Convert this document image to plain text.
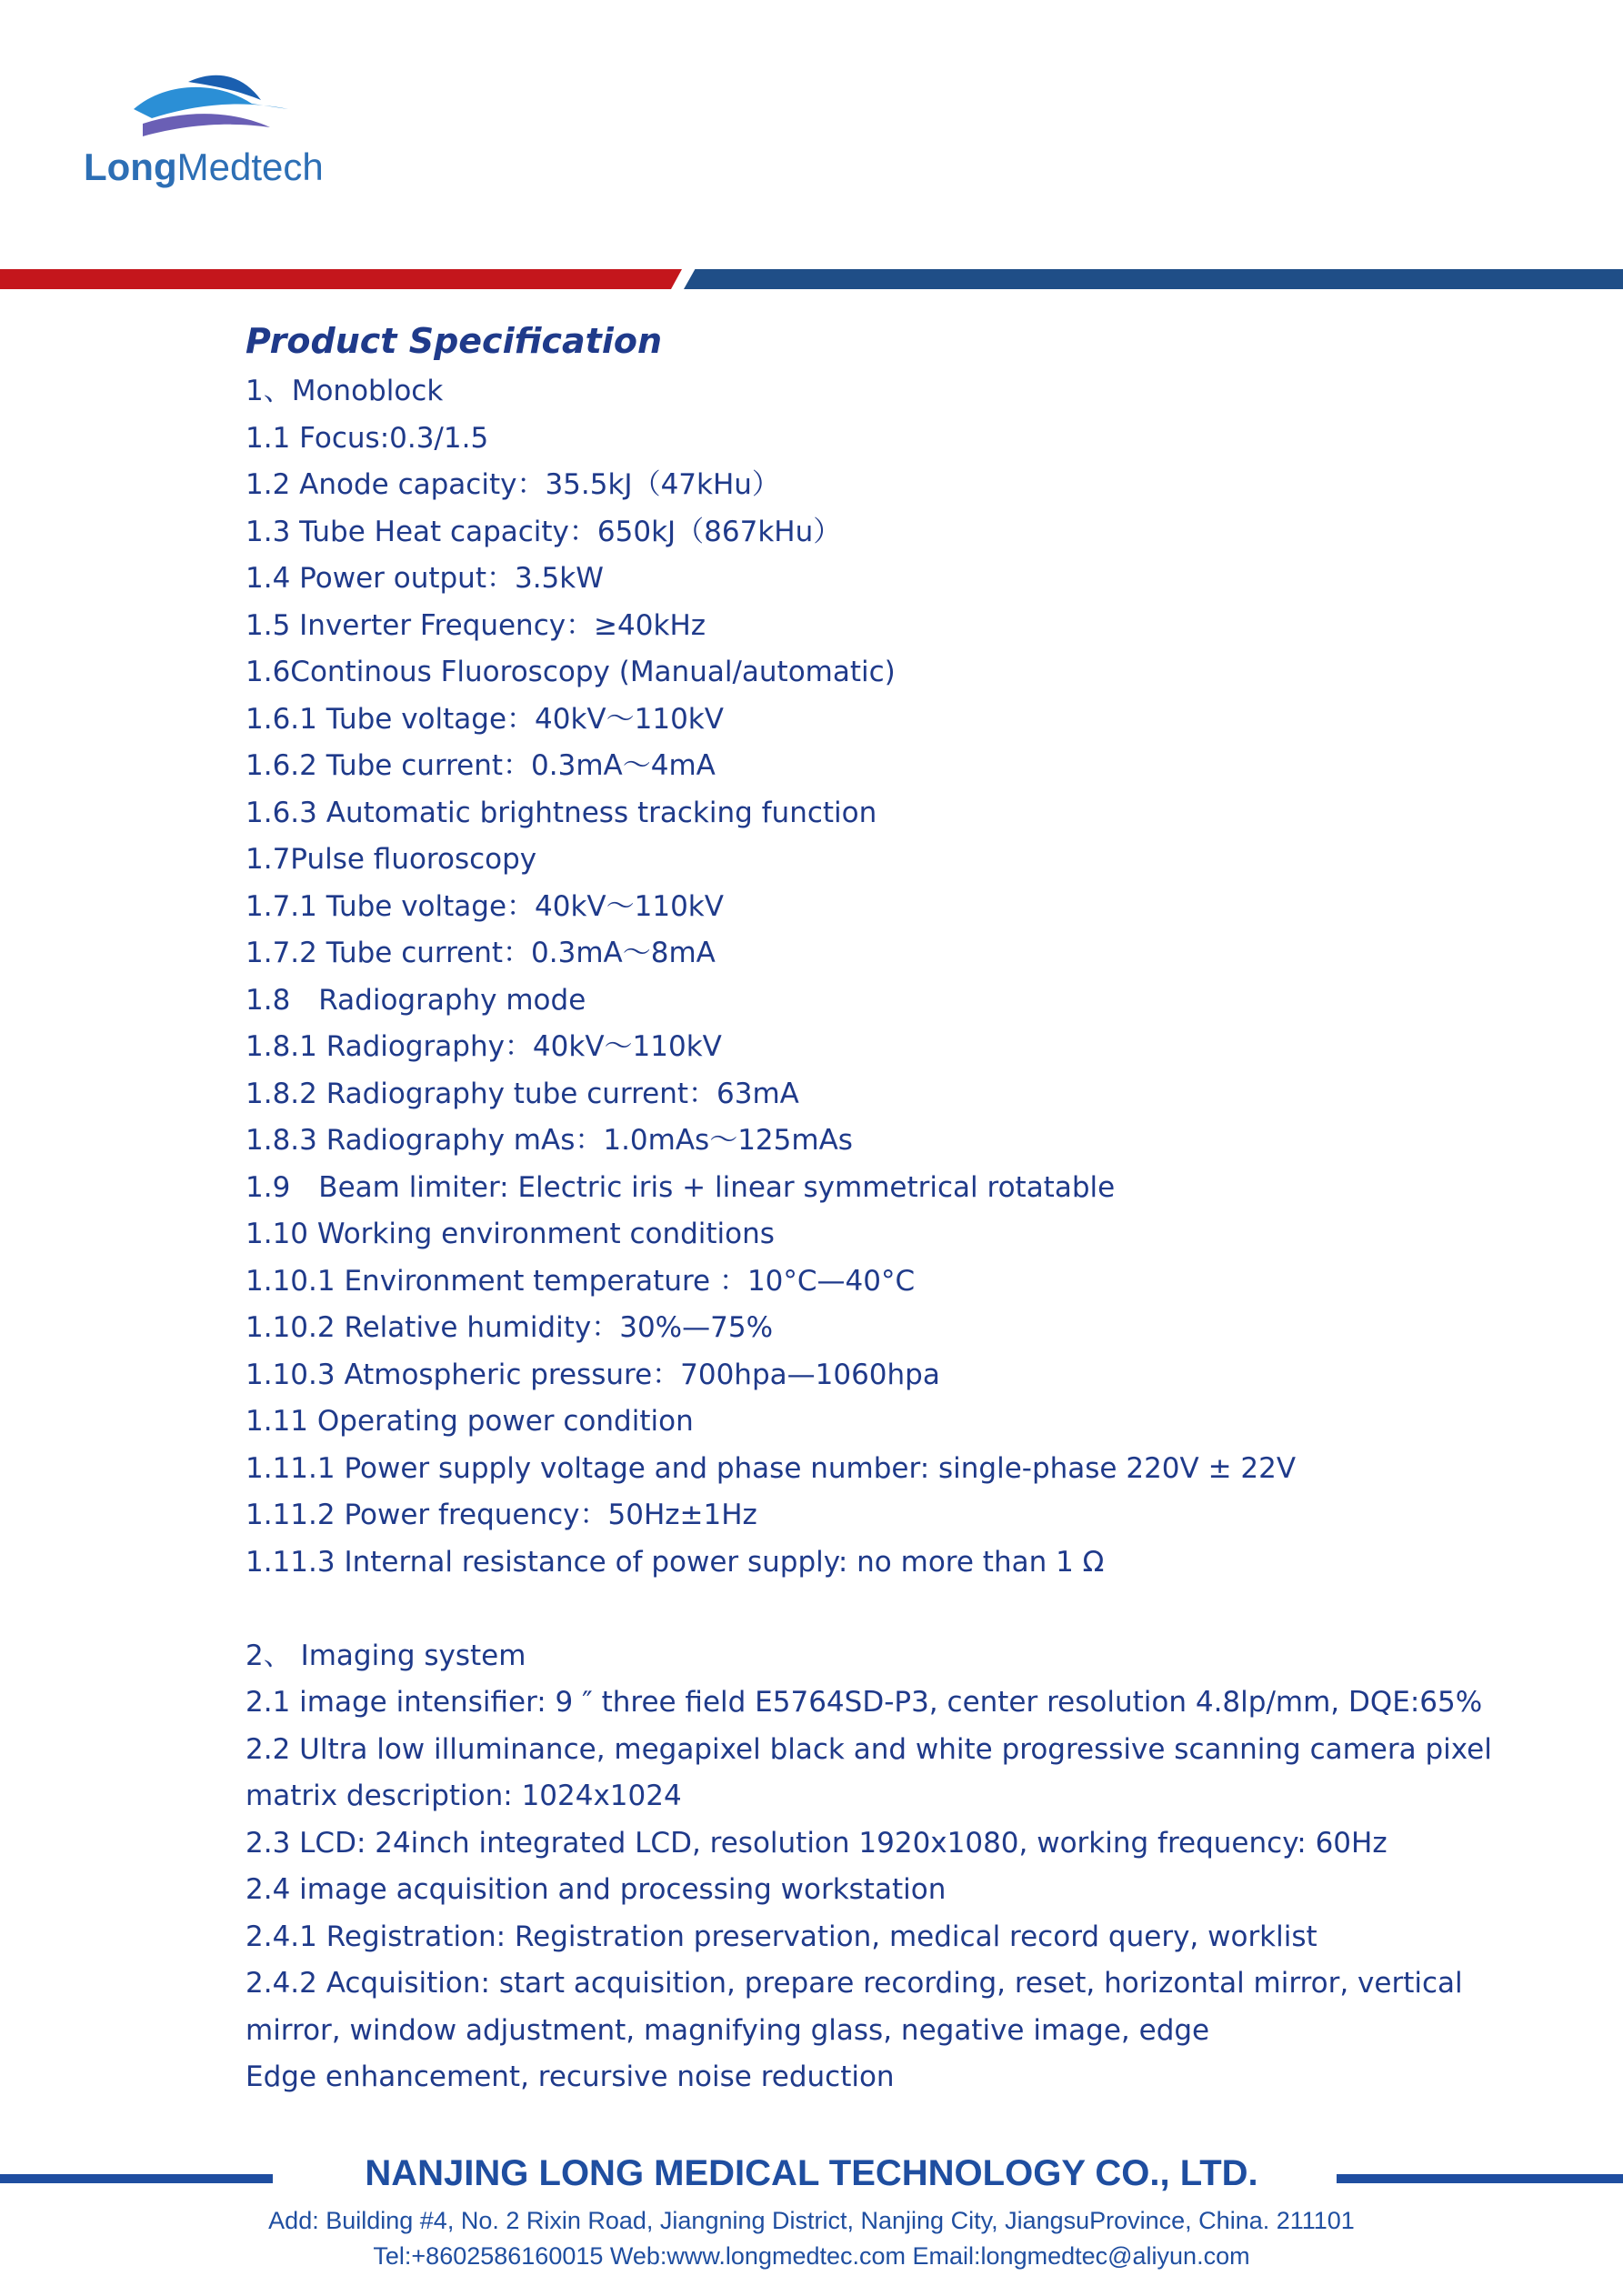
LongMedtech
Product Specification
1、Monoblock
1.1 Focus:0.3/1.5
1.2 Anode capacity：35.5kJ（47kHu）
1.3 Tube Heat capacity：650kJ（867kHu）
1.4 Power output：3.5kW
1.5 Inverter Frequency：≥40kHz
1.6Continous Fluoroscopy (Manual/automatic)
1.6.1 Tube voltage：40kV～110kV
1.6.2 Tube current：0.3mA～4mA
1.6.3 Automatic brightness tracking function
1.7Pulse fluoroscopy
1.7.1 Tube voltage：40kV～110kV
1.7.2 Tube current：0.3mA～8mA
1.8　Radiography mode
1.8.1 Radiography：40kV～110kV
1.8.2 Radiography tube current：63mA
1.8.3 Radiography mAs：1.0mAs～125mAs
1.9　Beam limiter: Electric iris + linear symmetrical rotatable
1.10 Working environment conditions
1.10.1 Environment temperature ：10°C—40°C
1.10.2 Relative humidity：30%—75%
1.10.3 Atmospheric pressure：700hpa—1060hpa
1.11 Operating power condition
1.11.1 Power supply voltage and phase number: single-phase 220V ± 22V
1.11.2 Power frequency：50Hz±1Hz
1.11.3 Internal resistance of power supply: no more than 1 Ω
2、 Imaging system
2.1 image intensifier: 9 ″ three field E5764SD-P3, center resolution 4.8lp/mm, DQE:65%
2.2 Ultra low illuminance, megapixel black and white progressive scanning camera pixel
matrix description: 1024x1024
2.3 LCD: 24inch integrated LCD, resolution 1920x1080, working frequency: 60Hz
2.4 image acquisition and processing workstation
2.4.1 Registration: Registration preservation, medical record query, worklist
2.4.2 Acquisition: start acquisition, prepare recording, reset, horizontal mirror, vertical
mirror, window adjustment, magnifying glass, negative image, edge
Edge enhancement, recursive noise reduction
NANJING LONG MEDICAL TECHNOLOGY CO., LTD.
Add: Building #4, No. 2 Rixin Road, Jiangning District, Nanjing City, JiangsuProvince, China. 211101
Tel:+8602586160015 Web:www.longmedtec.com Email:longmedtec@aliyun.com
